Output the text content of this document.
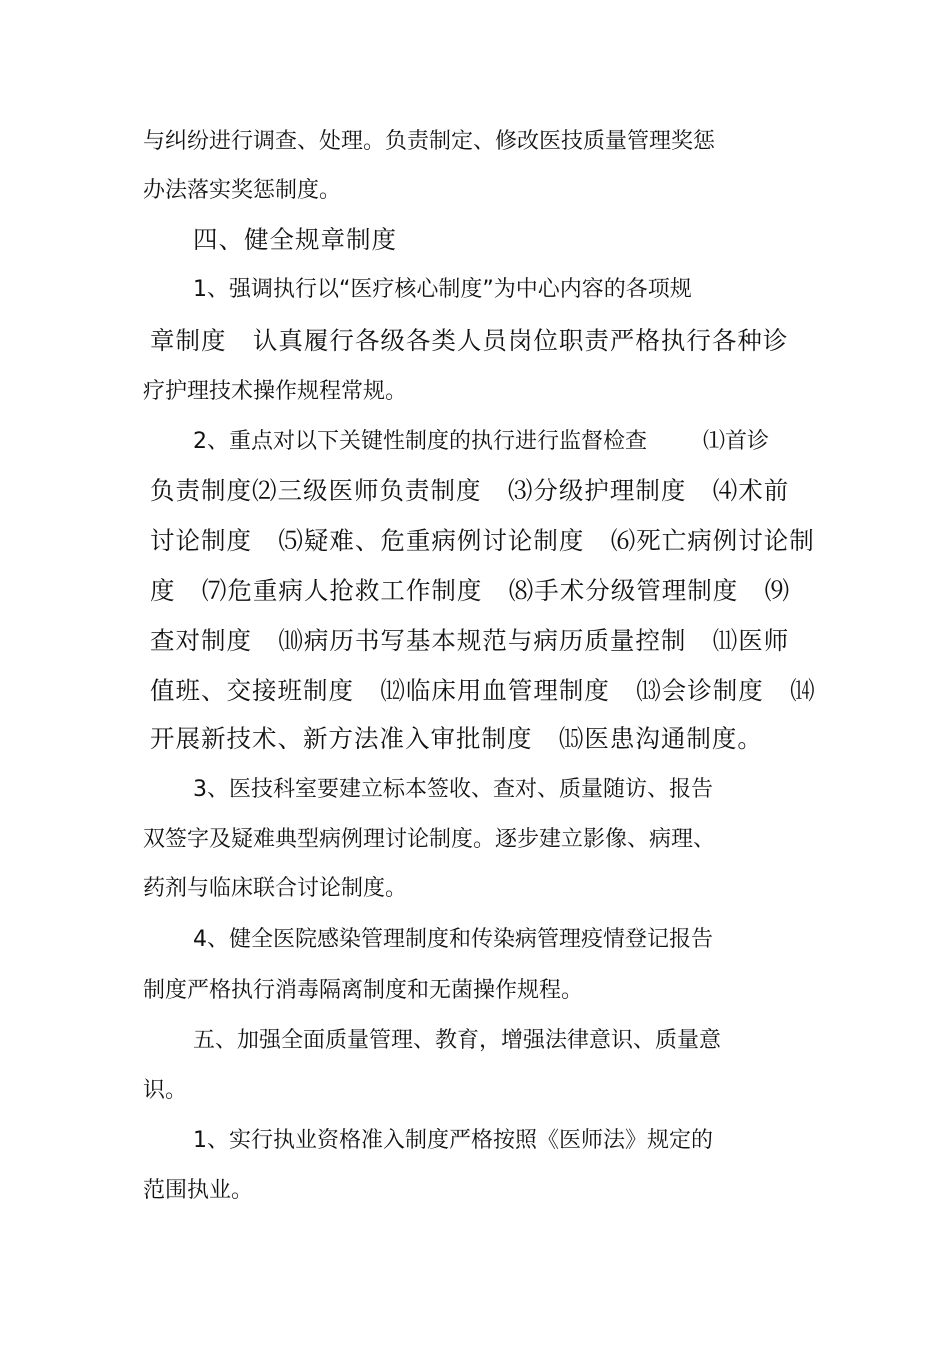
与纠纷进行调查、处理。负责制定、修改医技质量管理奖惩
办法落实奖惩制度。
四、健全规章制度
1、强调执行以“医疗核心制度”为中心内容的各项规
章制度   认真履行各级各类人员岗位职责严格执行各种诊
疗护理技术操作规程常规。
2、重点对以下关键性制度的执行进行监督检查        ⑴首诊
负责制度⑵三级医师负责制度   ⑶分级护理制度   ⑷术前
讨论制度   ⑸疑难、危重病例讨论制度   ⑹死亡病例讨论制
度   ⑺危重病人抢救工作制度   ⑻手术分级管理制度   ⑼
查对制度   ⑽病历书写基本规范与病历质量控制   ⑾医师
值班、交接班制度   ⑿临床用血管理制度   ⒀会诊制度   ⒁
开展新技术、新方法准入审批制度   ⒂医患沟通制度。
3、医技科室要建立标本签收、查对、质量随访、报告
双签字及疑难典型病例理讨论制度。逐步建立影像、病理、
药剂与临床联合讨论制度。
4、健全医院感染管理制度和传染病管理疫情登记报告
制度严格执行消毒隔离制度和无菌操作规程。
五、加强全面质量管理、教育，增强法律意识、质量意
识。
1、实行执业资格准入制度严格按照《医师法》规定的
范围执业。
